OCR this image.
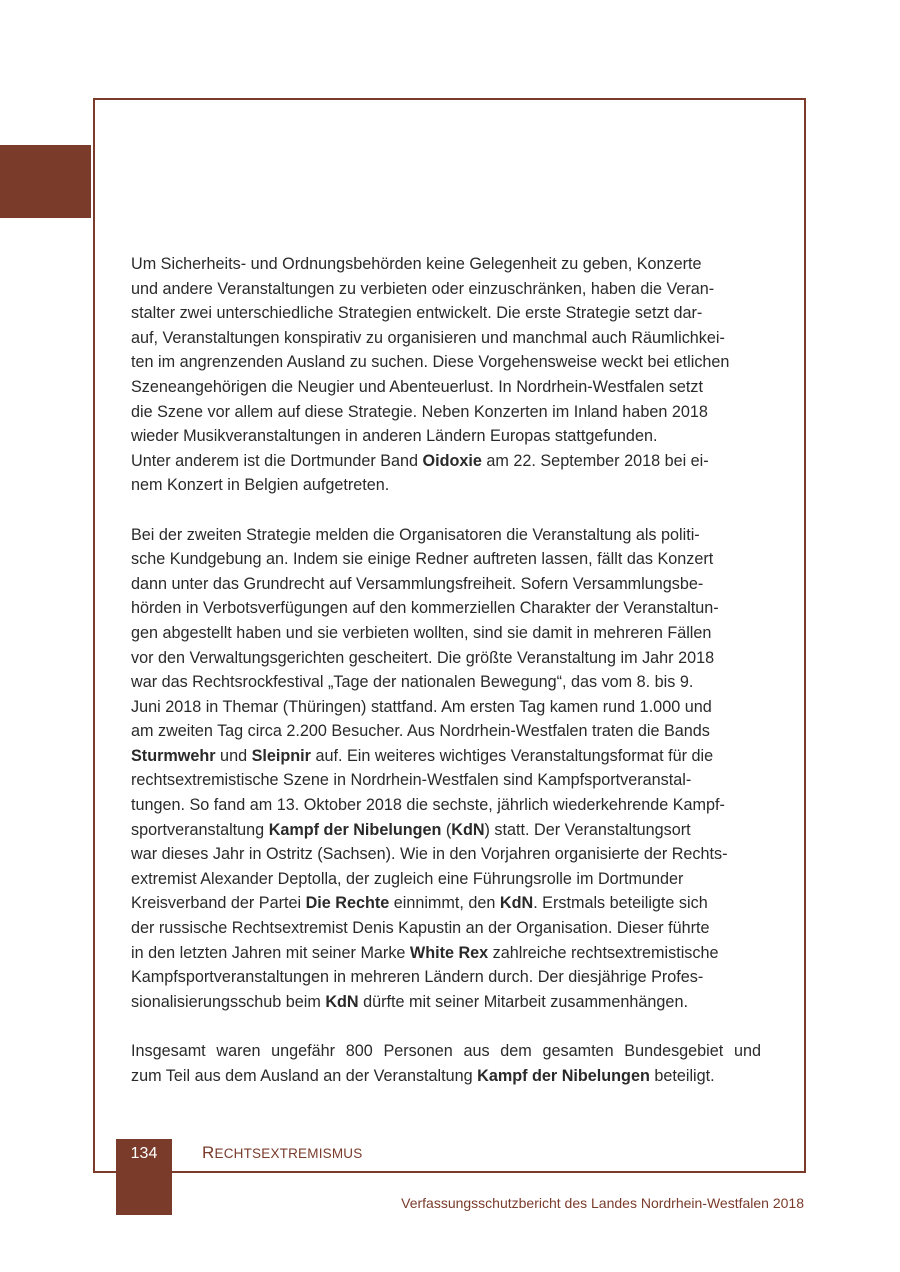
Um Sicherheits- und Ordnungsbehörden keine Gelegenheit zu geben, Konzerte
und andere Veranstaltungen zu verbieten oder einzuschränken, haben die Veran-
stalter zwei unterschiedliche Strategien entwickelt. Die erste Strategie setzt dar-
auf, Veranstaltungen konspirativ zu organisieren und manchmal auch Räumlichkei-
ten im angrenzenden Ausland zu suchen. Diese Vorgehensweise weckt bei etlichen
Szeneangehörigen die Neugier und Abenteuerlust. In Nordrhein-Westfalen setzt
die Szene vor allem auf diese Strategie. Neben Konzerten im Inland haben 2018
wieder Musikveranstaltungen in anderen Ländern Europas stattgefunden.
Unter anderem ist die Dortmunder Band Oidoxie am 22. September 2018 bei ei-
nem Konzert in Belgien aufgetreten.
Bei der zweiten Strategie melden die Organisatoren die Veranstaltung als politi-
sche Kundgebung an. Indem sie einige Redner auftreten lassen, fällt das Konzert
dann unter das Grundrecht auf Versammlungsfreiheit. Sofern Versammlungsbe-
hörden in Verbotsverfügungen auf den kommerziellen Charakter der Veranstaltun-
gen abgestellt haben und sie verbieten wollten, sind sie damit in mehreren Fällen
vor den Verwaltungsgerichten gescheitert. Die größte Veranstaltung im Jahr 2018
war das Rechtsrockfestival „Tage der nationalen Bewegung“, das vom 8. bis 9.
Juni 2018 in Themar (Thüringen) stattfand. Am ersten Tag kamen rund 1.000 und
am zweiten Tag circa 2.200 Besucher. Aus Nordrhein-Westfalen traten die Bands
Sturmwehr und Sleipnir auf. Ein weiteres wichtiges Veranstaltungsformat für die
rechtsextremistische Szene in Nordrhein-Westfalen sind Kampfsportveranstal-
tungen. So fand am 13. Oktober 2018 die sechste, jährlich wiederkehrende Kampf-
sportveranstaltung Kampf der Nibelungen (KdN) statt. Der Veranstaltungsort
war dieses Jahr in Ostritz (Sachsen). Wie in den Vorjahren organisierte der Rechts-
extremist Alexander Deptolla, der zugleich eine Führungsrolle im Dortmunder
Kreisverband der Partei Die Rechte einnimmt, den KdN. Erstmals beteiligte sich
der russische Rechtsextremist Denis Kapustin an der Organisation. Dieser führte
in den letzten Jahren mit seiner Marke White Rex zahlreiche rechtsextremistische
Kampfsportveranstaltungen in mehreren Ländern durch. Der diesjährige Profes-
sionalisierungsschub beim KdN dürfte mit seiner Mitarbeit zusammenhängen.
Insgesamt waren ungefähr 800 Personen aus dem gesamten Bundesgebiet und
zum Teil aus dem Ausland an der Veranstaltung Kampf der Nibelungen beteiligt.
134	RECHTSEXTREMISMUS
Verfassungsschutzbericht des Landes Nordrhein-Westfalen 2018
